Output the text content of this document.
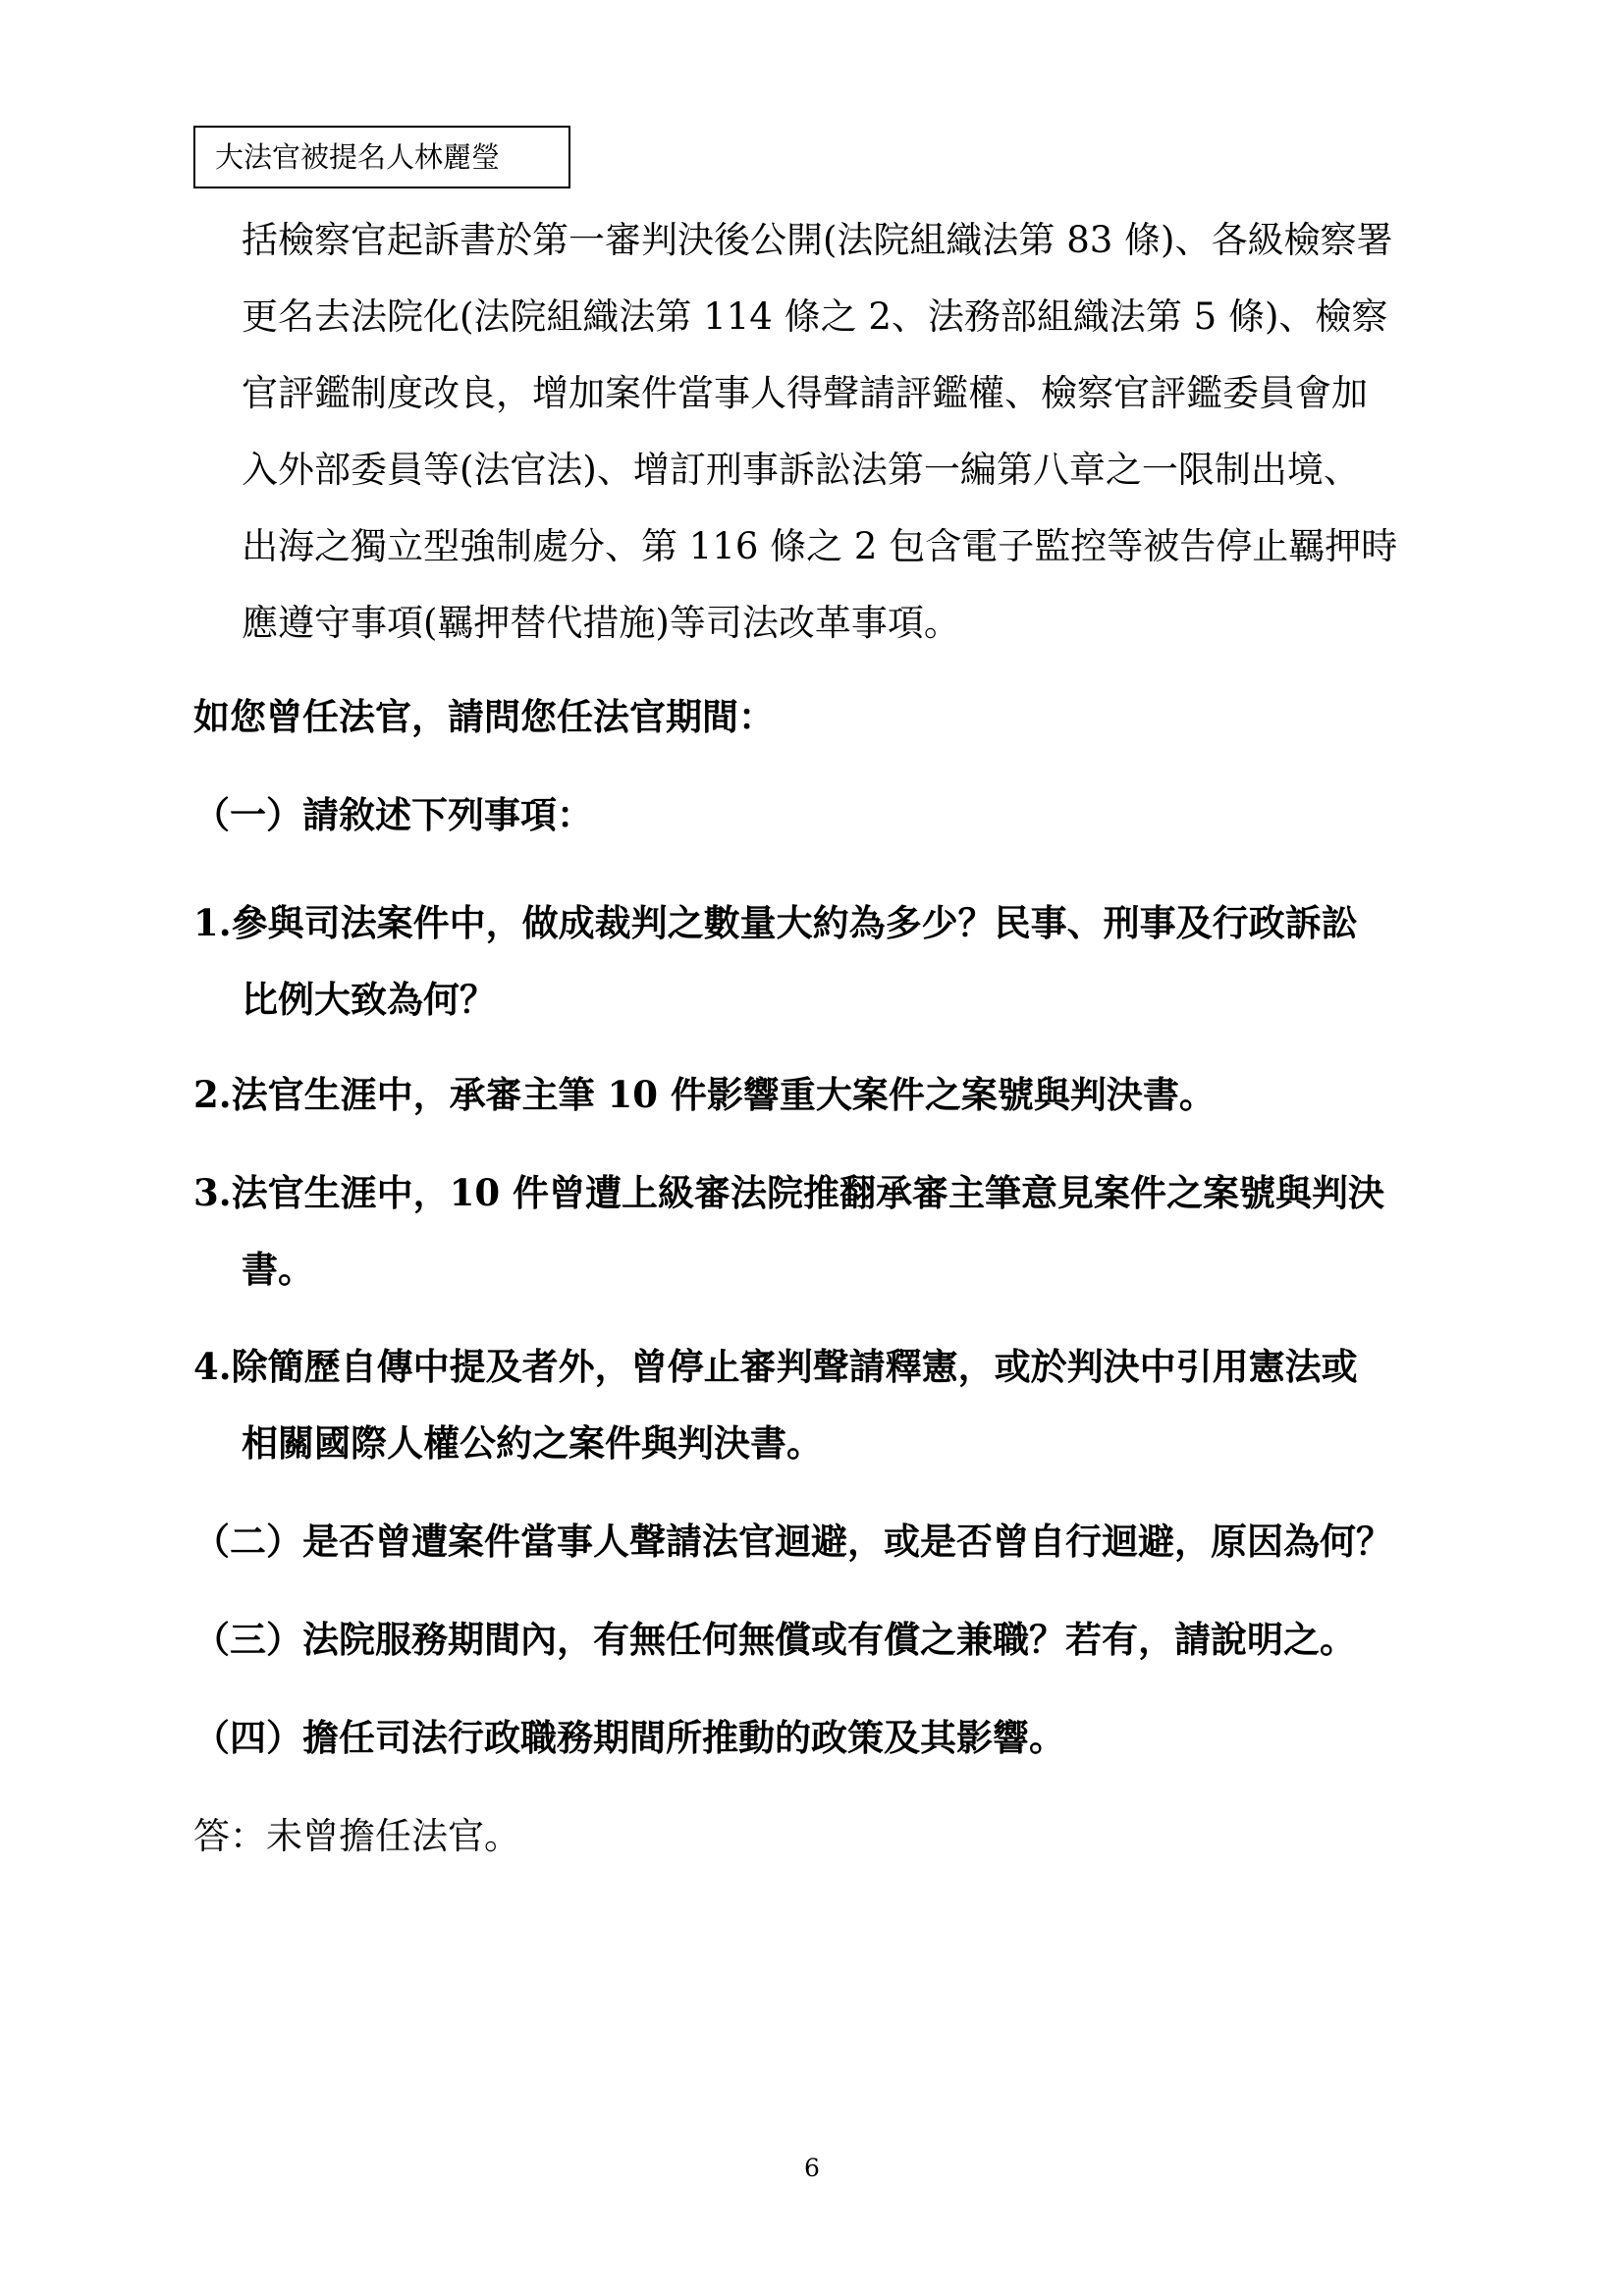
大法官被提名人林麗瑩
括檢察官起訴書於第一審判決後公開(法院組織法第 83 條)、各級檢察署
更名去法院化(法院組織法第 114 條之 2、法務部組織法第 5 條)、檢察
官評鑑制度改良，增加案件當事人得聲請評鑑權、檢察官評鑑委員會加
入外部委員等(法官法)、增訂刑事訴訟法第一編第八章之一限制出境、
出海之獨立型強制處分、第 116 條之 2 包含電子監控等被告停止羈押時
應遵守事項(羈押替代措施)等司法改革事項。
如您曾任法官，請問您任法官期間：
（一）請敘述下列事項：
1.參與司法案件中，做成裁判之數量大約為多少？民事、刑事及行政訴訟
比例大致為何？
2.法官生涯中，承審主筆 10 件影響重大案件之案號與判決書。
3.法官生涯中，10 件曾遭上級審法院推翻承審主筆意見案件之案號與判決
書。
4.除簡歷自傳中提及者外，曾停止審判聲請釋憲，或於判決中引用憲法或
相關國際人權公約之案件與判決書。
（二）是否曾遭案件當事人聲請法官迴避，或是否曾自行迴避，原因為何？
（三）法院服務期間內，有無任何無償或有償之兼職？若有，請說明之。
（四）擔任司法行政職務期間所推動的政策及其影響。
答：未曾擔任法官。
6
